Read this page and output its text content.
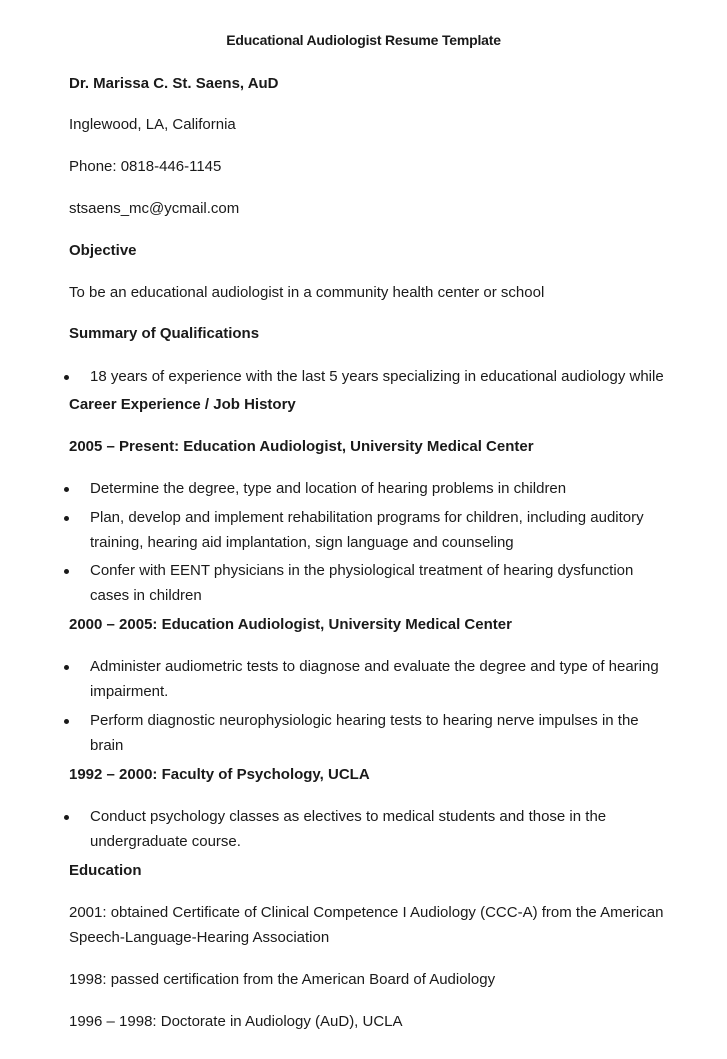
Educational Audiologist Resume Template
Dr. Marissa C. St. Saens, AuD
Inglewood, LA, California
Phone: 0818-446-1145
stsaens_mc@ycmail.com
Objective
To be an educational audiologist in a community health center or school
Summary of Qualifications
18 years of experience with the last 5 years specializing in educational audiology while
Career Experience / Job History
2005 – Present: Education Audiologist, University Medical Center
Determine the degree, type and location of hearing problems in children
Plan, develop and implement rehabilitation programs for children, including auditory
training, hearing aid implantation, sign language and counseling
Confer with EENT physicians in the physiological treatment of hearing dysfunction
cases in children
2000 – 2005: Education Audiologist, University Medical Center
Administer audiometric tests to diagnose and evaluate the degree and type of hearing
impairment.
Perform diagnostic neurophysiologic hearing tests to hearing nerve impulses in the
brain
1992 – 2000: Faculty of Psychology, UCLA
Conduct psychology classes as electives to medical students and those in the
undergraduate course.
Education
2001: obtained Certificate of Clinical Competence I Audiology (CCC-A) from the American
Speech-Language-Hearing Association
1998: passed certification from the American Board of Audiology
1996 – 1998: Doctorate in Audiology (AuD), UCLA
